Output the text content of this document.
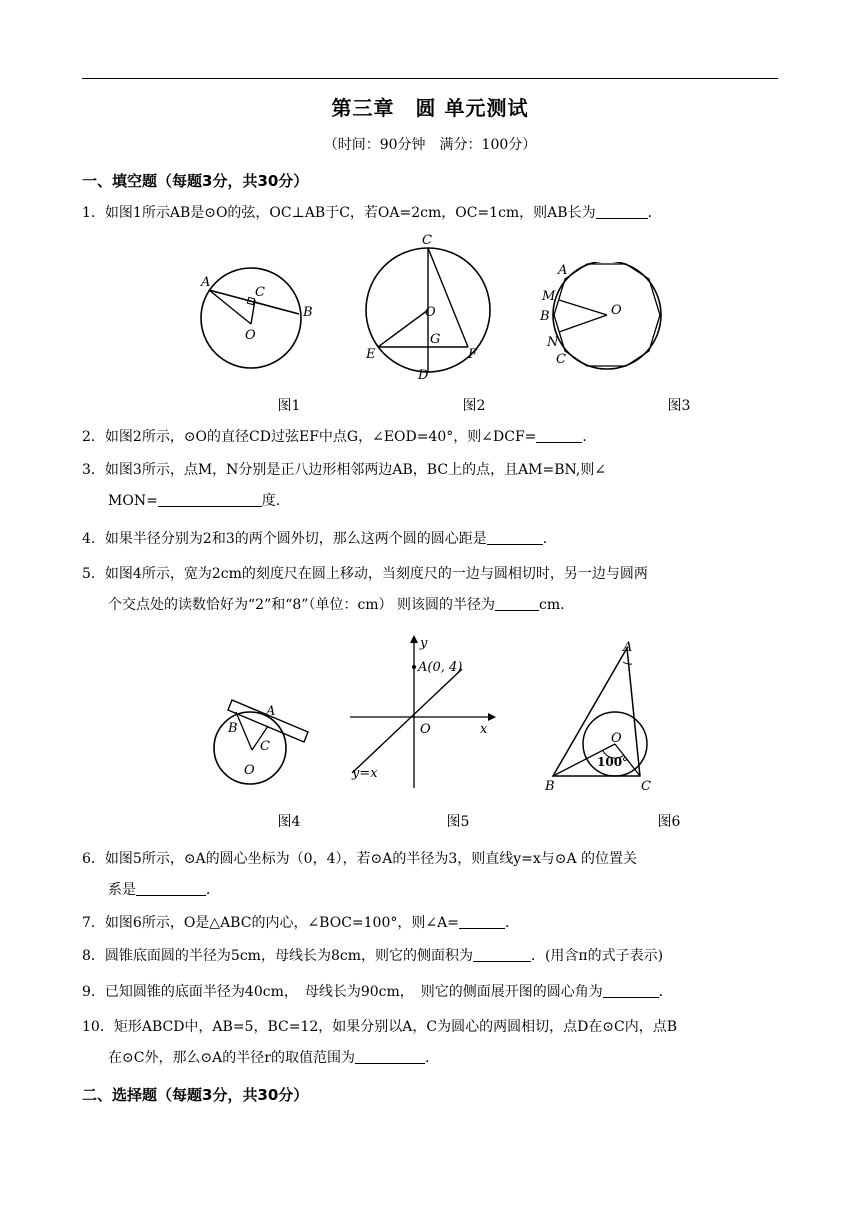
第三章　圆 单元测试
（时间：90分钟　满分：100分）
一、填空题（每题3分，共30分）
1．如图1所示AB是⊙O的弦，OC⊥AB于C，若OA=2cm，OC=1cm，则AB长为	．
A
B
C
O
图1
C
O
G
E	F
D
图2
A
M
B
N
C
O
图3
2．如图2所示，⊙O的直径CD过弦EF中点G，∠EOD=40°，则∠DCF=	．
3．如图3所示，点M，N分别是正八边形相邻两边AB，BC上的点，且AM=BN,则∠
MON=	度.
4．如果半径分别为2和3的两个圆外切，那么这两个圆的圆心距是	．
5．如图4所示，宽为2cm的刻度尺在圆上移动，当刻度尺的一边与圆相切时，另一边与圆两
个交点处的读数恰好为“2”和“8”（单位：cm） 则该圆的半径为	cm.
B
A
C
O
图4
y
A(0, 4)
O	x
y=x
图5
A
O
100°
B	C
图6
6．如图5所示，⊙A的圆心坐标为（0，4），若⊙A的半径为3，则直线y=x与⊙A 的位置关
系是	．
7．如图6所示，O是△ABC的内心，∠BOC=100°，则∠A=	．
8．圆锥底面圆的半径为5cm，母线长为8cm，则它的侧面积为	．(用含π的式子表示)
9．已知圆锥的底面半径为40cm，　母线长为90cm，　则它的侧面展开图的圆心角为	．
10．矩形ABCD中，AB=5，BC=12，如果分别以A，C为圆心的两圆相切，点D在⊙C内，点B
在⊙C外，那么⊙A的半径r的取值范围为	．
二、选择题（每题3分，共30分）
